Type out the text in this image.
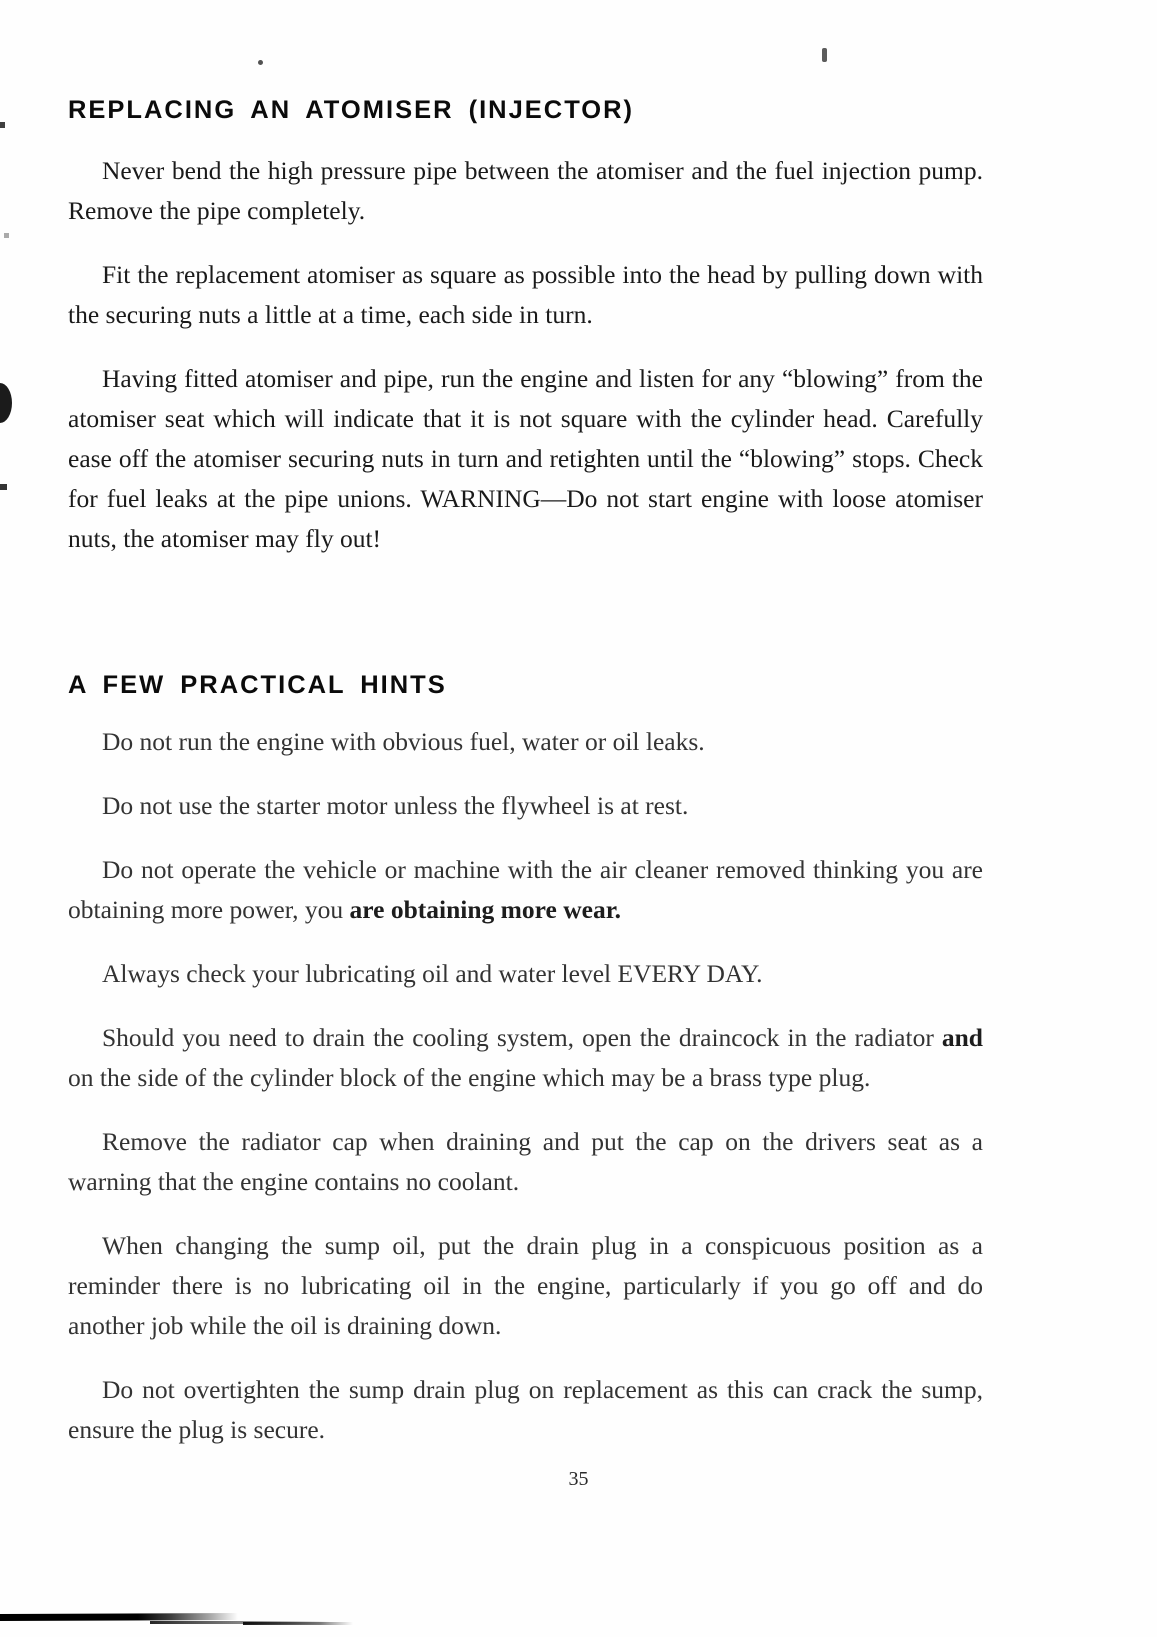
REPLACING AN ATOMISER (INJECTOR)

Never bend the high pressure pipe between the atomiser and the fuel injection pump. Remove the pipe completely.

Fit the replacement atomiser as square as possible into the head by pulling down with the securing nuts a little at a time, each side in turn.

Having fitted atomiser and pipe, run the engine and listen for any “blowing” from the atomiser seat which will indicate that it is not square with the cylinder head. Carefully ease off the atomiser securing nuts in turn and retighten until the “blowing” stops. Check for fuel leaks at the pipe unions. WARNING—Do not start engine with loose atomiser nuts, the atomiser may fly out!

A FEW PRACTICAL HINTS

Do not run the engine with obvious fuel, water or oil leaks.

Do not use the starter motor unless the flywheel is at rest.

Do not operate the vehicle or machine with the air cleaner removed thinking you are obtaining more power, you are obtaining more wear.

Always check your lubricating oil and water level EVERY DAY.

Should you need to drain the cooling system, open the draincock in the radiator and on the side of the cylinder block of the engine which may be a brass type plug.

Remove the radiator cap when draining and put the cap on the drivers seat as a warning that the engine contains no coolant.

When changing the sump oil, put the drain plug in a conspicuous position as a reminder there is no lubricating oil in the engine, particularly if you go off and do another job while the oil is draining down.

Do not overtighten the sump drain plug on replacement as this can crack the sump, ensure the plug is secure.

35
